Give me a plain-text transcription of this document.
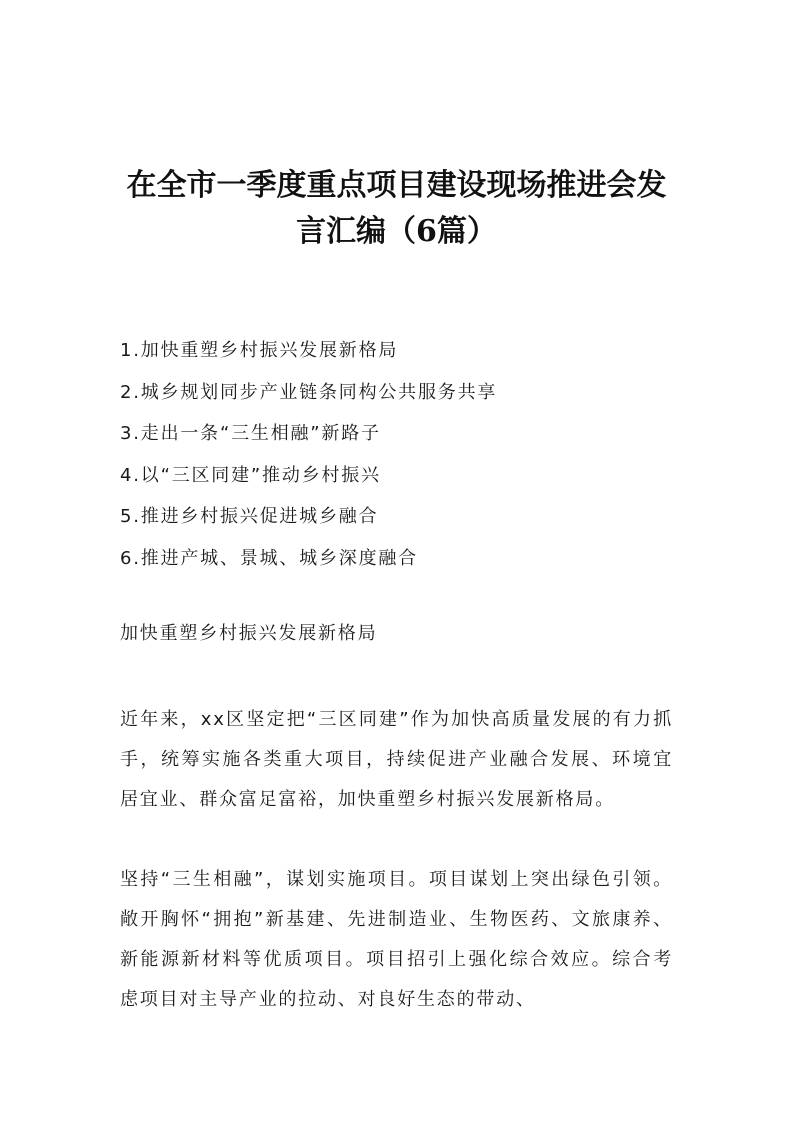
在全市一季度重点项目建设现场推进会发言汇编（6篇）
1.加快重塑乡村振兴发展新格局
2.城乡规划同步产业链条同构公共服务共享
3.走出一条“三生相融”新路子
4.以“三区同建”推动乡村振兴
5.推进乡村振兴促进城乡融合
6.推进产城、景城、城乡深度融合
加快重塑乡村振兴发展新格局

近年来，xx区坚定把“三区同建”作为加快高质量发展的有力抓手，统筹实施各类重大项目，持续促进产业融合发展、环境宜居宜业、群众富足富裕，加快重塑乡村振兴发展新格局。

坚持“三生相融”，谋划实施项目。项目谋划上突出绿色引领。敞开胸怀“拥抱”新基建、先进制造业、生物医药、文旅康养、新能源新材料等优质项目。项目招引上强化综合效应。综合考虑项目对主导产业的拉动、对良好生态的带动、
